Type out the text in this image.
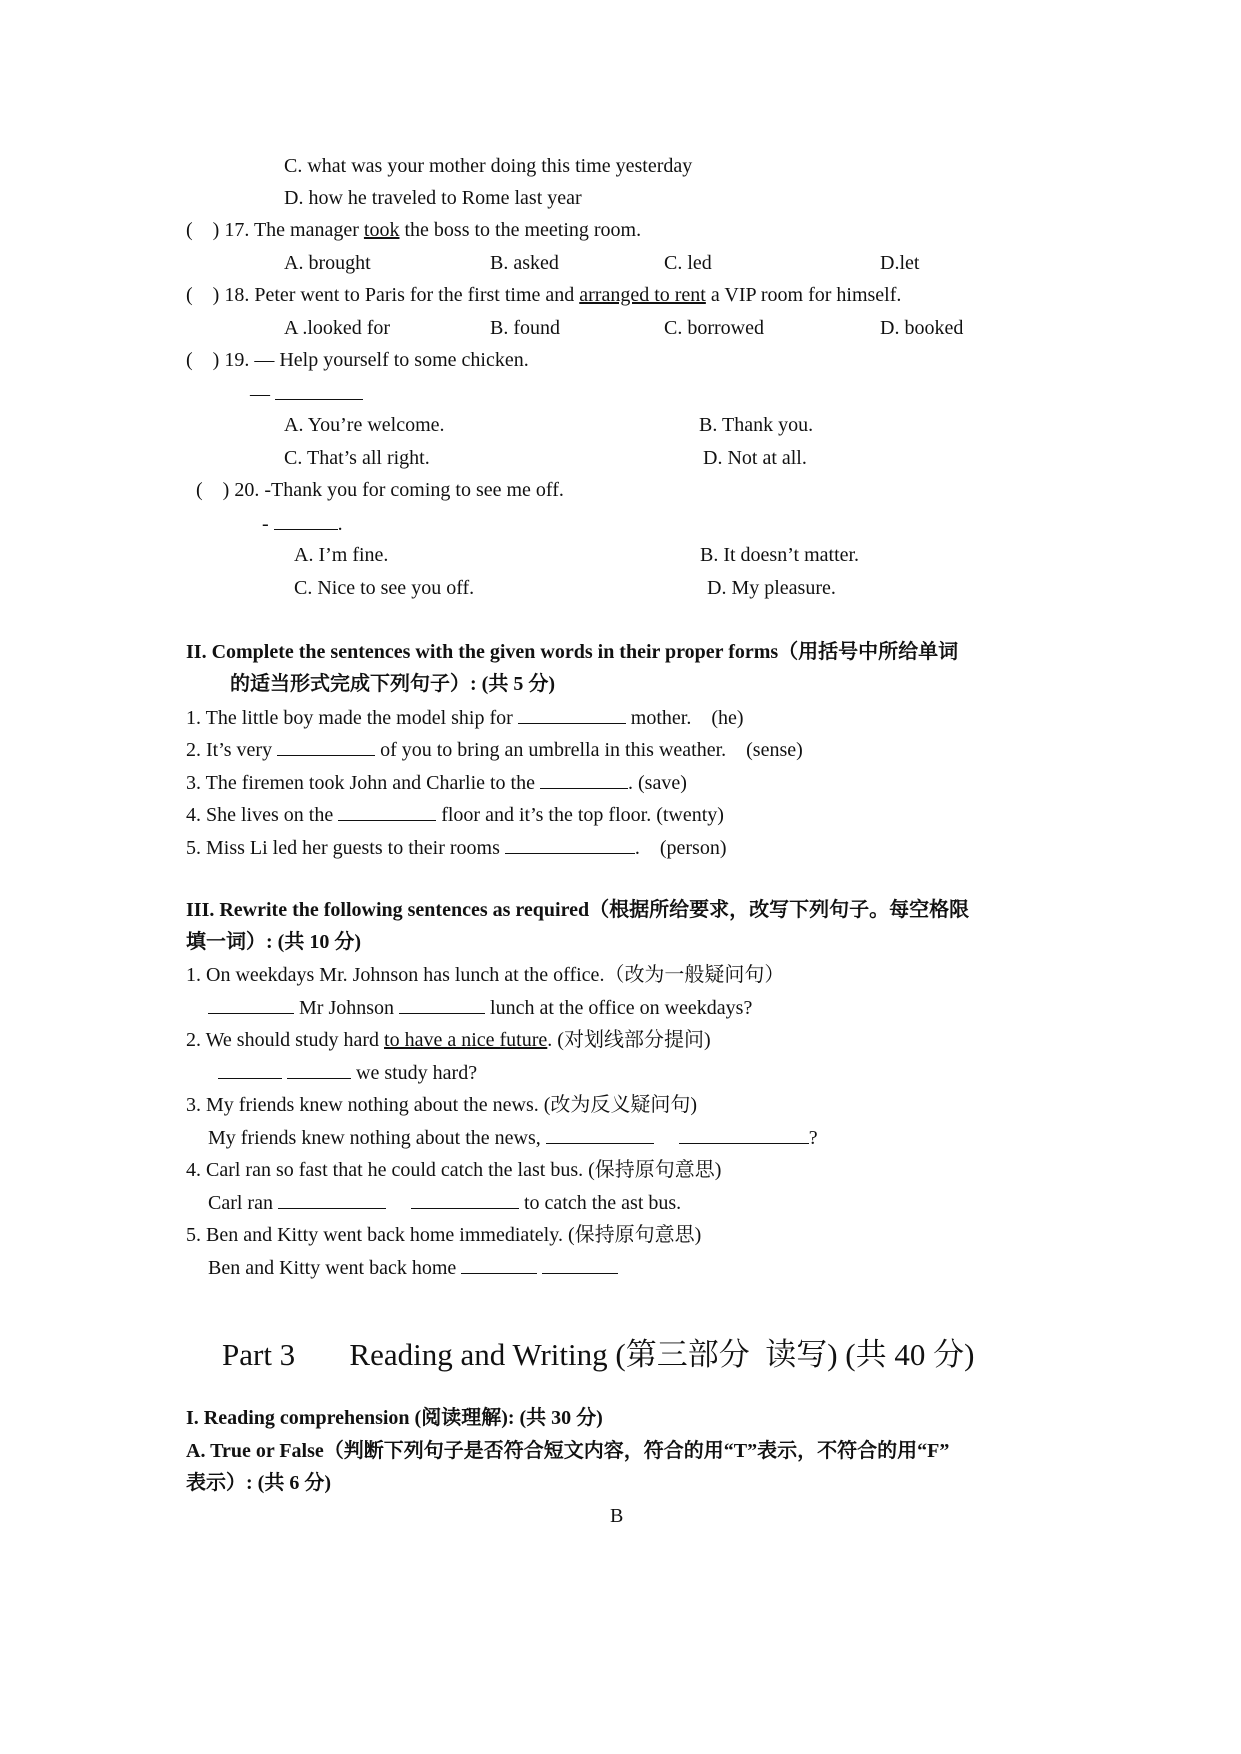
C. what was your mother doing this time yesterday
D. how he traveled to Rome last year
(    ) 17. The manager took the boss to the meeting room.
A. brought	B. asked	C. led	D.let
(    ) 18. Peter went to Paris for the first time and arranged to rent a VIP room for himself.
A .looked for	B. found	C. borrowed	D. booked
(    ) 19. — Help yourself to some chicken.
—
A. You’re welcome.	B. Thank you.
C. That’s all right.	D. Not at all.
(    ) 20. -Thank you for coming to see me off.
-	.
A. I’m fine.	B. It doesn’t matter.
C. Nice to see you off.	D. My pleasure.
II. Complete the sentences with the given words in their proper forms（用括号中所给单词
的适当形式完成下列句子）: (共 5 分)
1. The little boy made the model ship for	mother.    (he)
2. It’s very	of you to bring an umbrella in this weather.    (sense)
3. The firemen took John and Charlie to the	. (save)
4. She lives on the	floor and it’s the top floor. (twenty)
5. Miss Li led her guests to their rooms	.    (person)
III. Rewrite the following sentences as required（根据所给要求，改写下列句子。每空格限
填一词）: (共 10 分)
1. On weekdays Mr. Johnson has lunch at the office.（改为一般疑问句）
Mr Johnson	lunch at the office on weekdays?
2. We should study hard to have a nice future. (对划线部分提问)
we study hard?
3. My friends knew nothing about the news. (改为反义疑问句)
My friends knew nothing about the news,	?
4. Carl ran so fast that he could catch the last bus. (保持原句意思)
Carl ran	to catch the ast bus.
5. Ben and Kitty went back home immediately. (保持原句意思)
Ben and Kitty went back home
Part 3       Reading and Writing (第三部分  读写) (共 40 分)
I. Reading comprehension (阅读理解): (共 30 分)
A. True or False（判断下列句子是否符合短文内容，符合的用“T”表示，不符合的用“F”
表示）: (共 6 分)
B
